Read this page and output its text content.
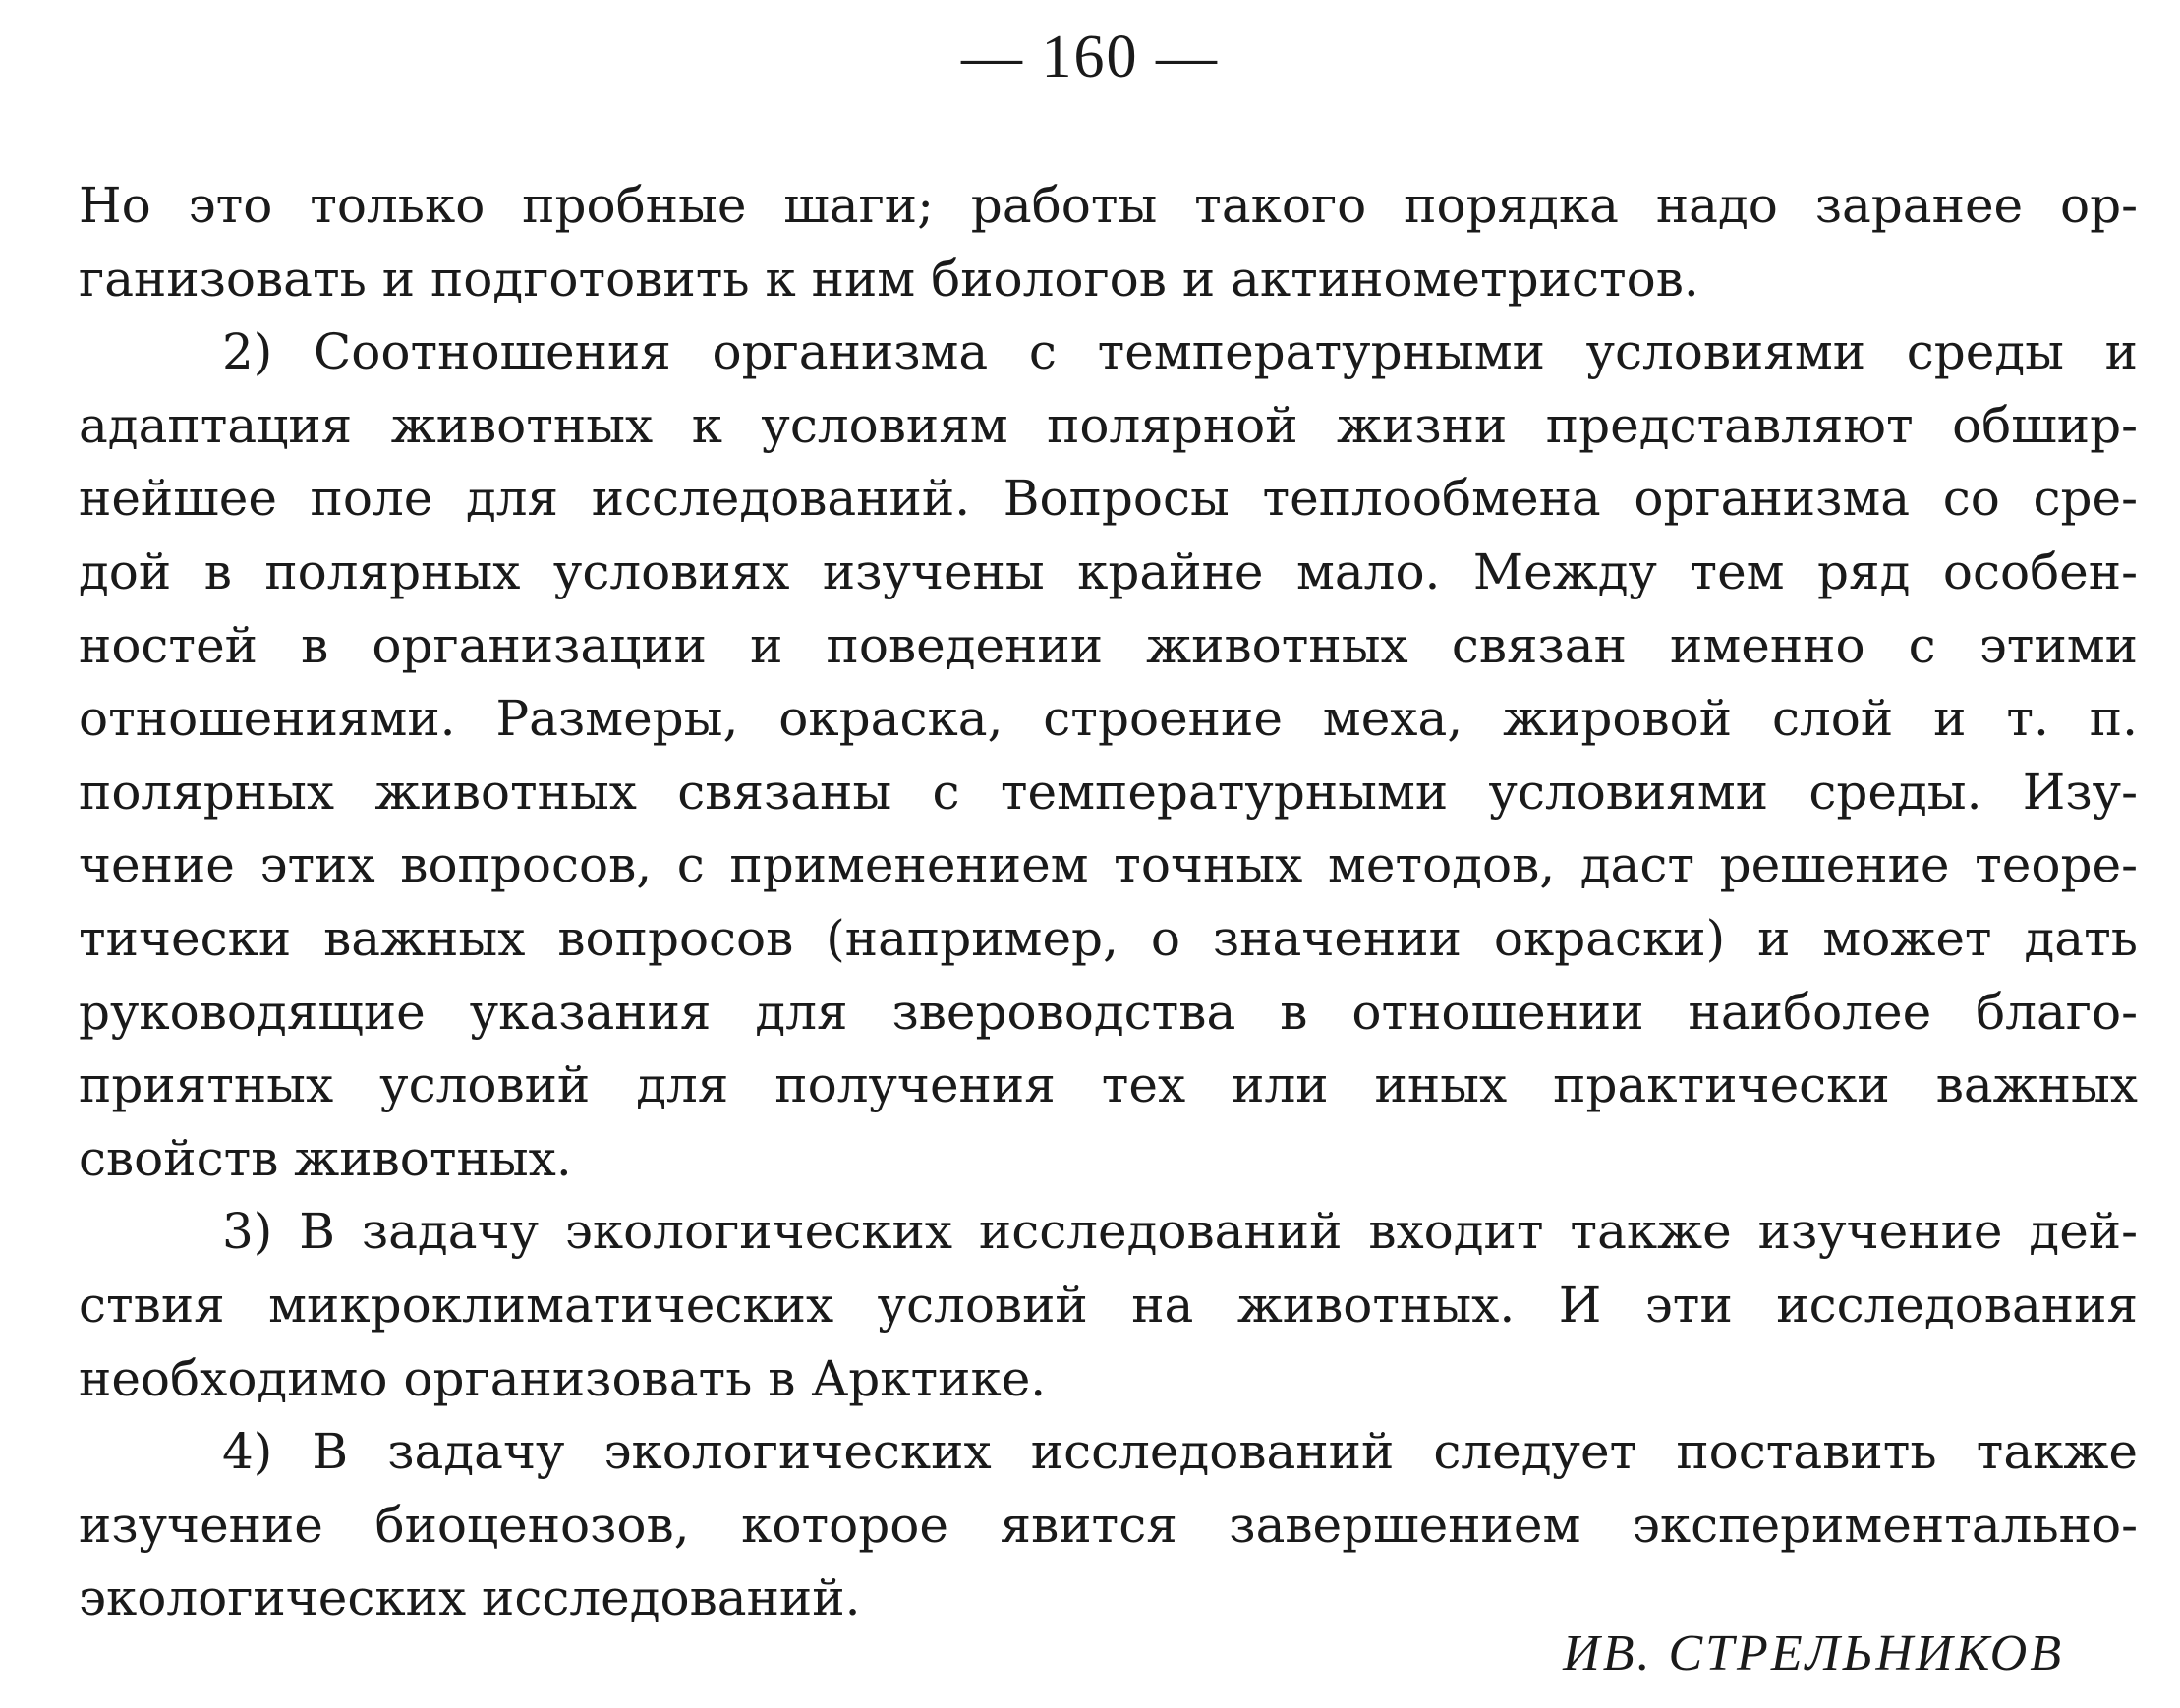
— 160 —
Но это только пробные шаги; работы такого порядка надо заранее ор-
ганизовать и подготовить к ним биологов и актинометристов.
2) Соотношения организма с температурными условиями среды и
адаптация животных к условиям полярной жизни представляют обшир-
нейшее поле для исследований. Вопросы теплообмена организма со сре-
дой в полярных условиях изучены крайне мало. Между тем ряд особен-
ностей в организации и поведении животных связан именно с этими
отношениями. Размеры, окраска, строение меха, жировой слой и т. п.
полярных животных связаны с температурными условиями среды. Изу-
чение этих вопросов, с применением точных методов, даст решение теоре-
тически важных вопросов (например, о значении окраски) и может дать
руководящие указания для звероводства в отношении наиболее благо-
приятных условий для получения тех или иных практически важных
свойств животных.
3) В задачу экологических исследований входит также изучение дей-
ствия микроклиматических условий на животных. И эти исследования
необходимо организовать в Арктике.
4) В задачу экологических исследований следует поставить также
изучение биоценозов, которое явится завершением экспериментально-
экологических исследований.
ИВ. СТРЕЛЬНИКОВ
